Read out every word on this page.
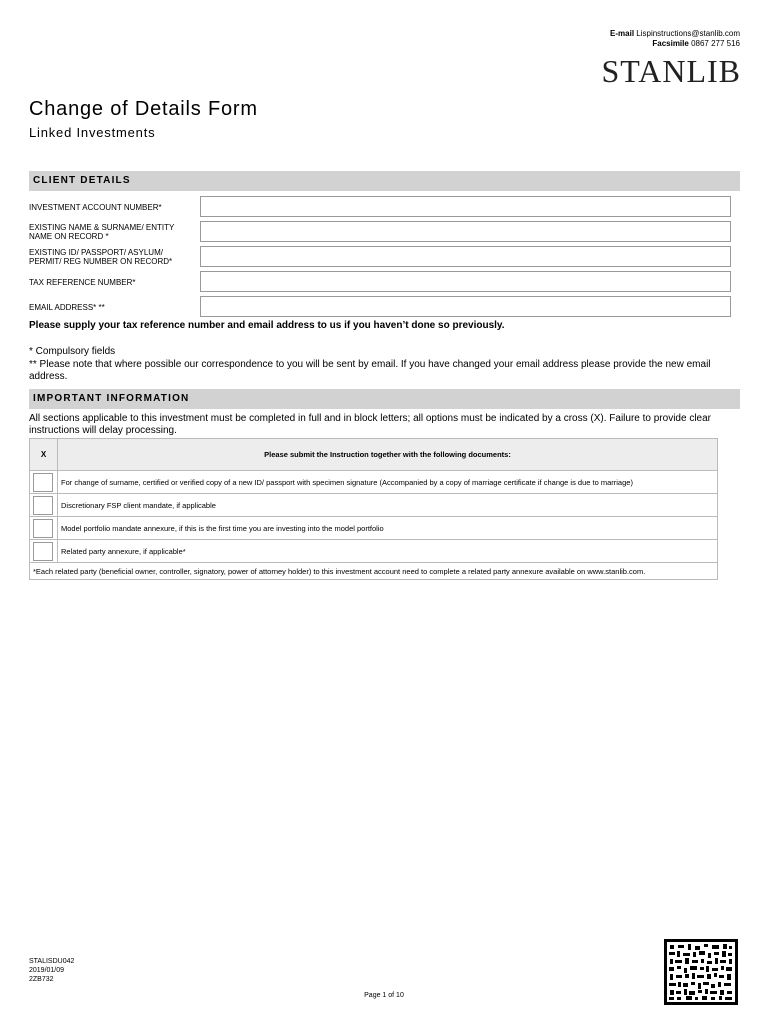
E-mail Lispinstructions@stanlib.com
Facsimile 0867 277 516
STANLIB
Change of Details Form
Linked Investments
CLIENT DETAILS
INVESTMENT ACCOUNT NUMBER*
EXISTING NAME & SURNAME/ ENTITY NAME ON RECORD *
EXISTING ID/ PASSPORT/ ASYLUM/ PERMIT/ REG NUMBER ON RECORD*
TAX REFERENCE NUMBER*
EMAIL ADDRESS* **
Please supply your tax reference number and email address to us if you haven’t done so previously.
* Compulsory fields
** Please note that where possible our correspondence to you will be sent by email. If you have changed your email address please provide the new email address.
IMPORTANT INFORMATION
All sections applicable to this investment must be completed in full and in block letters; all options must be indicated by a cross (X). Failure to provide clear instructions will delay processing.
X	Please submit the Instruction together with the following documents:

	For change of surname, certified or verified copy of a new ID/ passport with specimen signature (Accompanied by a copy of marriage certificate if change is due to marriage)

	Discretionary FSP client mandate, if applicable

	Model portfolio mandate annexure, if this is the first time you are investing into the model portfolio

	Related party annexure, if applicable*
*Each related party (beneficial owner, controller, signatory, power of attorney holder) to this investment account need to complete a related party annexure available on www.stanlib.com.	
STALISDU042
2019/01/09
2ZB732
Page 1 of 10
